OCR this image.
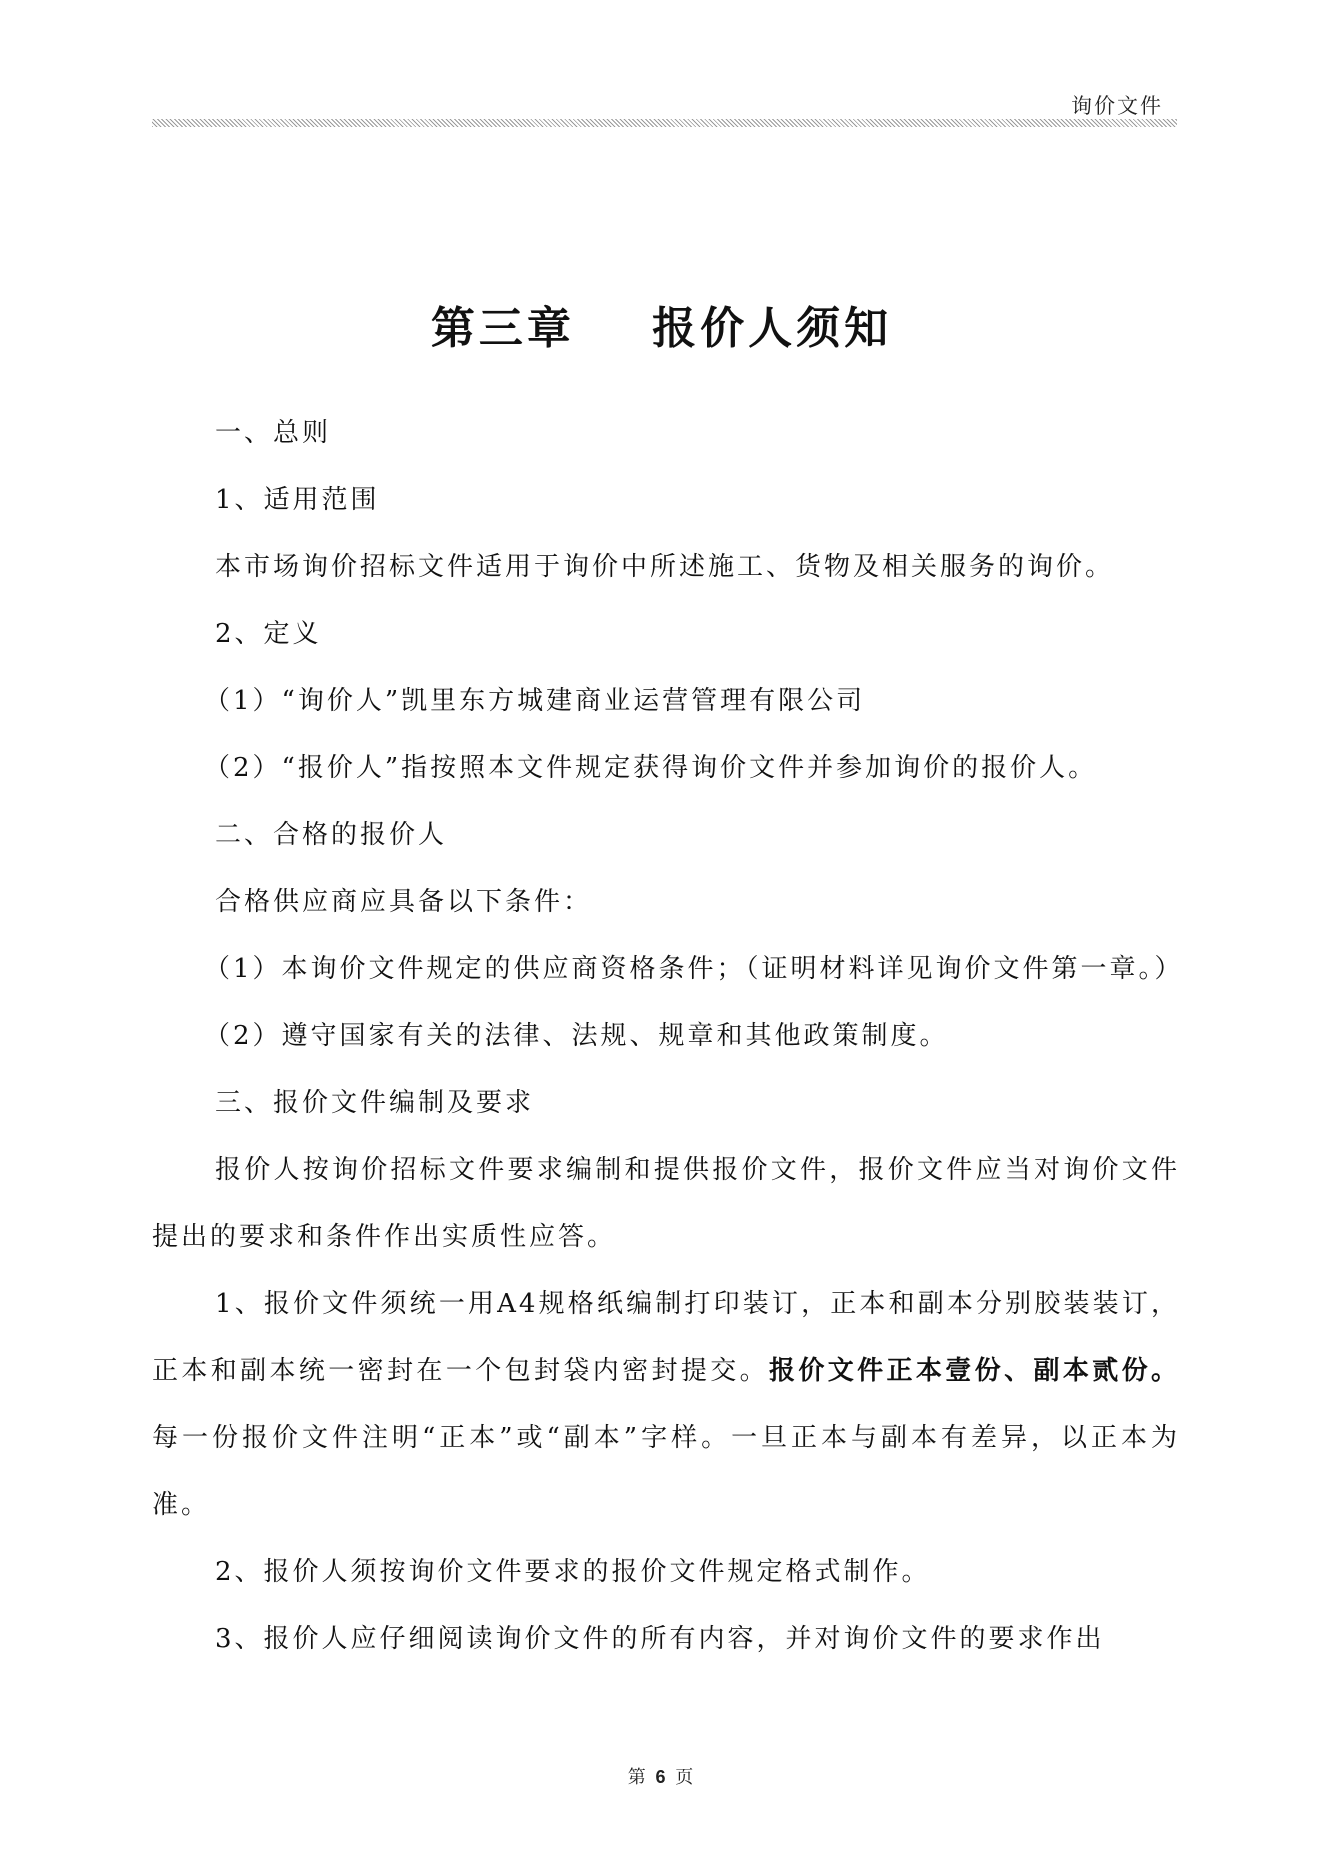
询价文件
第三章    报价人须知

一、总则

1、适用范围

本市场询价招标文件适用于询价中所述施工、货物及相关服务的询价。

2、定义

（1）“询价人”凯里东方城建商业运营管理有限公司

（2）“报价人”指按照本文件规定获得询价文件并参加询价的报价人。

二、合格的报价人

合格供应商应具备以下条件：

（1）本询价文件规定的供应商资格条件；（证明材料详见询价文件第一章。）

（2）遵守国家有关的法律、法规、规章和其他政策制度。

三、报价文件编制及要求

报价人按询价招标文件要求编制和提供报价文件，报价文件应当对询价文件提出的要求和条件作出实质性应答。

1、报价文件须统一用A4规格纸编制打印装订，正本和副本分别胶装装订，正本和副本统一密封在一个包封袋内密封提交。报价文件正本壹份、副本贰份。每一份报价文件注明“正本”或“副本”字样。一旦正本与副本有差异，以正本为准。

2、报价人须按询价文件要求的报价文件规定格式制作。

3、报价人应仔细阅读询价文件的所有内容，并对询价文件的要求作出

第 6 页
